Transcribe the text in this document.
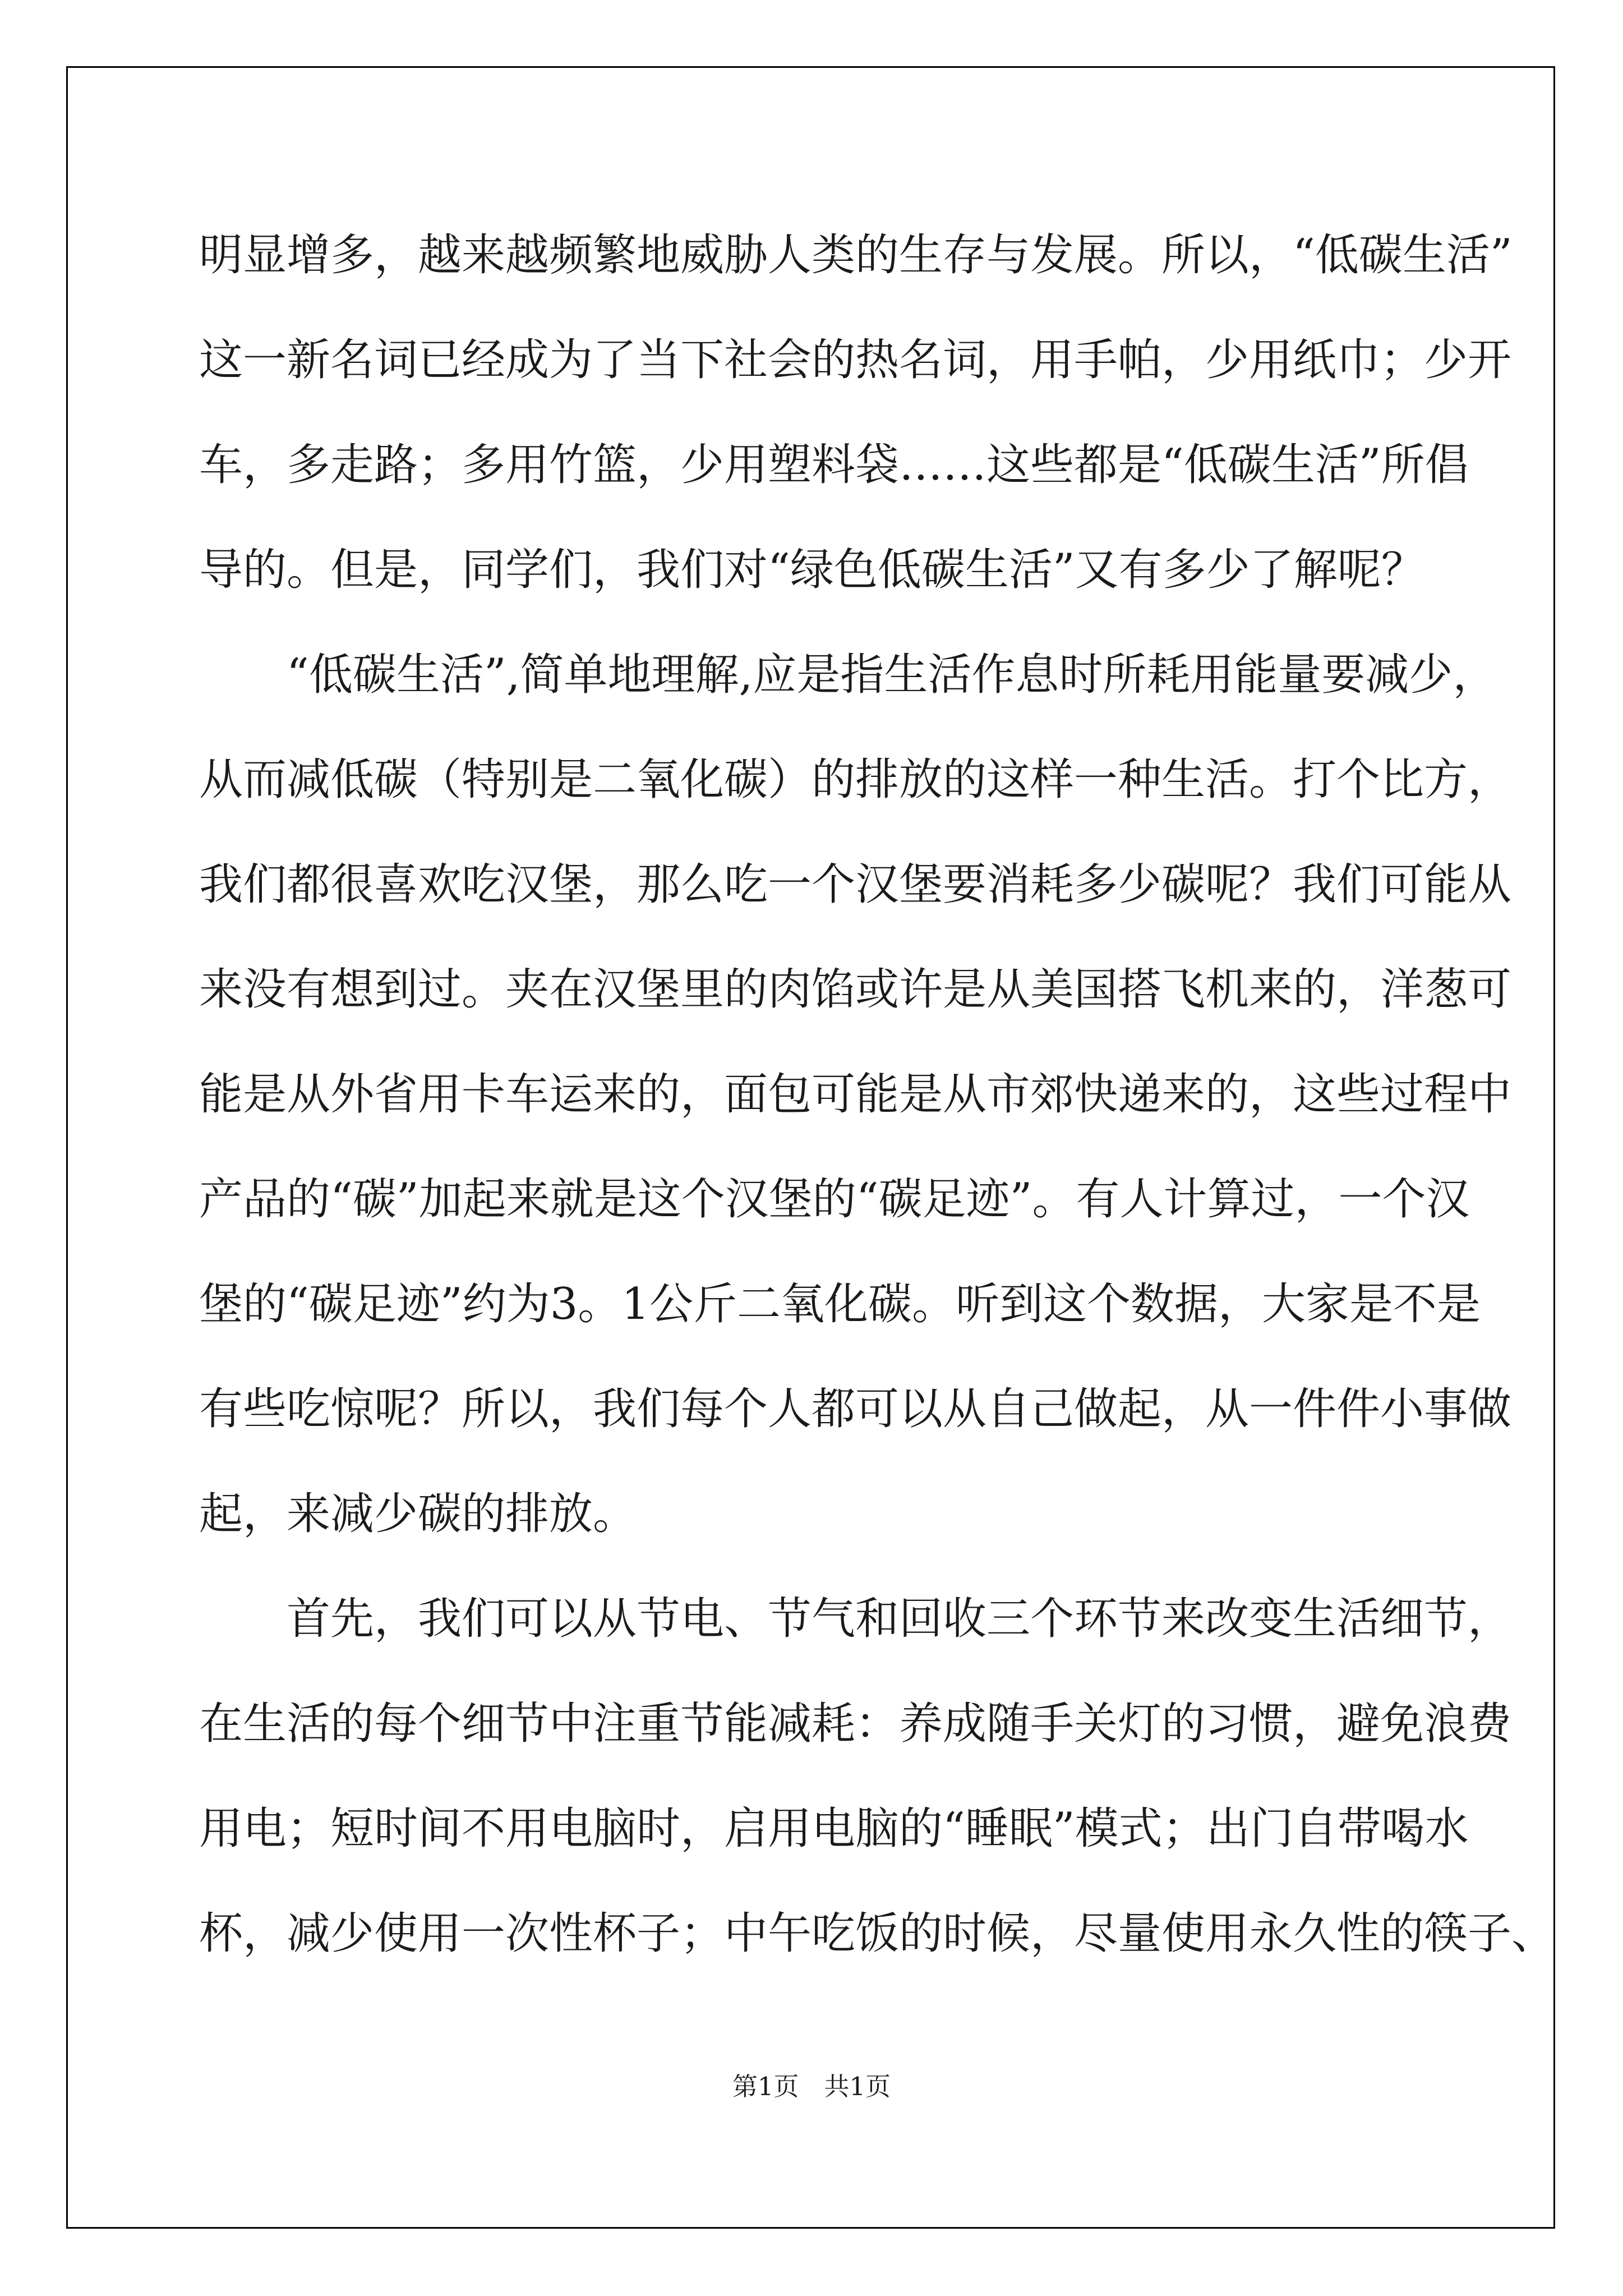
明显增多，越来越频繁地威胁人类的生存与发展。所以，“低碳生活”
这一新名词已经成为了当下社会的热名词，用手帕，少用纸巾；少开
车，多走路；多用竹篮，少用塑料袋……这些都是“低碳生活”所倡
导的。但是，同学们，我们对“绿色低碳生活”又有多少了解呢？
　　“低碳生活”,简单地理解,应是指生活作息时所耗用能量要减少，
从而减低碳（特别是二氧化碳）的排放的这样一种生活。打个比方，
我们都很喜欢吃汉堡，那么吃一个汉堡要消耗多少碳呢？我们可能从
来没有想到过。夹在汉堡里的肉馅或许是从美国搭飞机来的，洋葱可
能是从外省用卡车运来的，面包可能是从市郊快递来的，这些过程中
产品的“碳”加起来就是这个汉堡的“碳足迹”。有人计算过，一个汉
堡的“碳足迹”约为3。1公斤二氧化碳。听到这个数据，大家是不是
有些吃惊呢？所以，我们每个人都可以从自己做起，从一件件小事做
起，来减少碳的排放。
　　首先，我们可以从节电、节气和回收三个环节来改变生活细节，
在生活的每个细节中注重节能减耗：养成随手关灯的习惯，避免浪费
用电；短时间不用电脑时，启用电脑的“睡眠”模式；出门自带喝水
杯，减少使用一次性杯子；中午吃饭的时候，尽量使用永久性的筷子、
第1页　共1页
